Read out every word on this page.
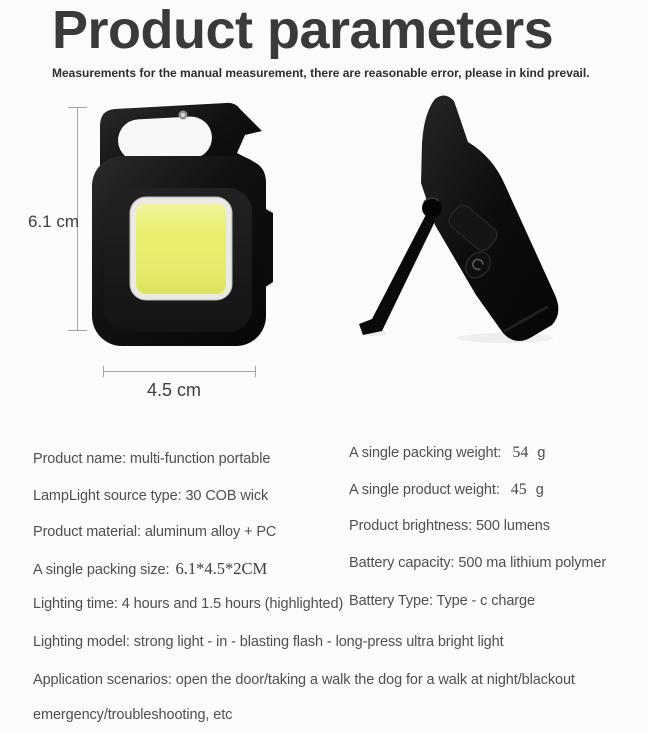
Product parameters

Measurements for the manual measurement, there are reasonable error, please in kind prevail.

6.1 cm
4.5 cm
Product name: multi-function portable
LampLight source type: 30 COB wick
Product material: aluminum alloy + PC
A single packing size: 6.1*4.5*2CM
Lighting time: 4 hours and 1.5 hours (highlighted)
A single packing weight: 54 g
A single product weight: 45 g
Product brightness: 500 lumens
Battery capacity: 500 ma lithium polymer
Battery Type: Type - c charge
Lighting model: strong light - in - blasting flash - long-press ultra bright light
Application scenarios: open the door/taking a walk the dog for a walk at night/blackout
emergency/troubleshooting, etc
